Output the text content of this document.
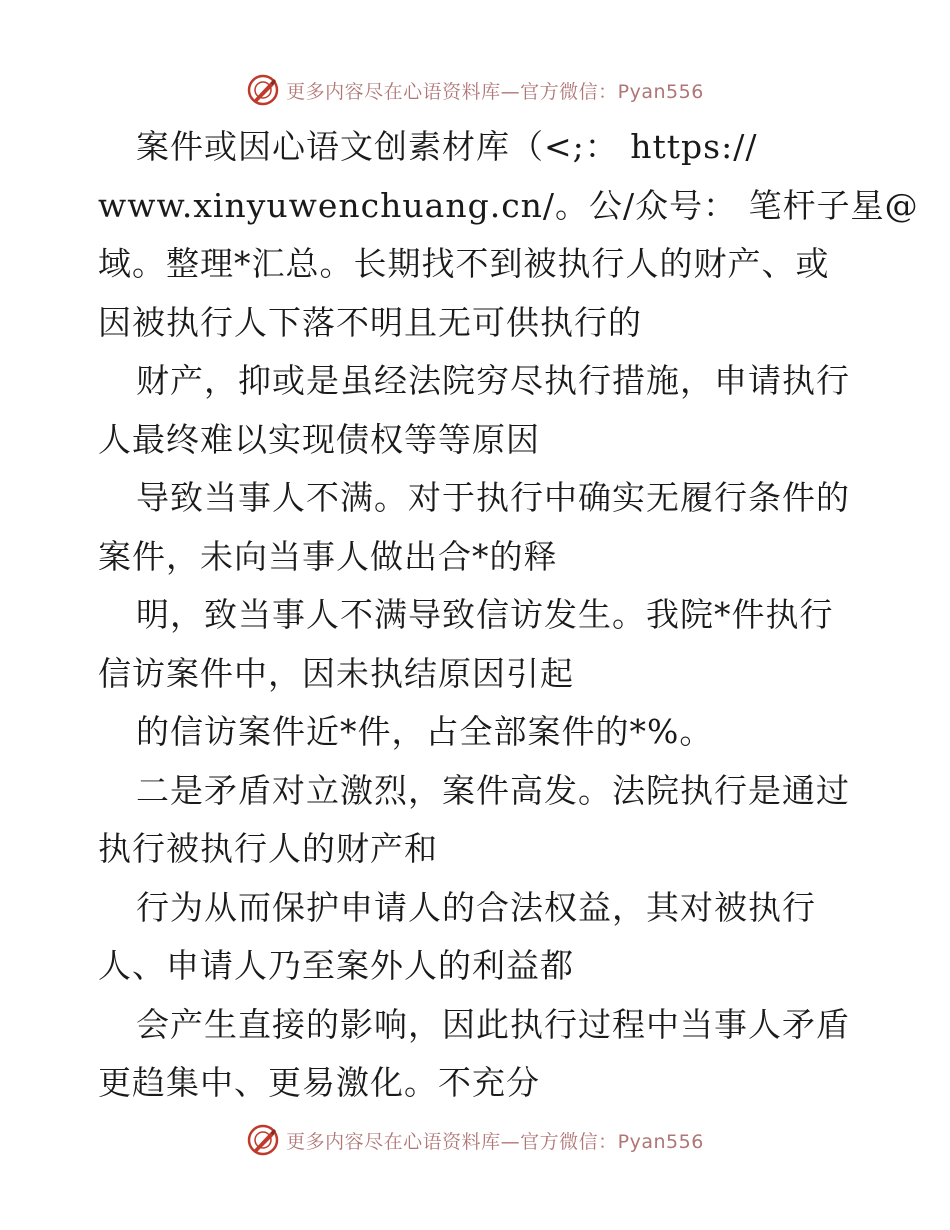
更多内容尽在心语资料库—官方微信：Pyan556
案件或因心语文创素材库（<;： https://
www.xinyuwenchuang.cn/。公/众号： 笔杆子星@
域。整理*汇总。长期找不到被执行人的财产、或
因被执行人下落不明且无可供执行的
财产，抑或是虽经法院穷尽执行措施，申请执行
人最终难以实现债权等等原因
导致当事人不满。对于执行中确实无履行条件的
案件，未向当事人做出合*的释
明，致当事人不满导致信访发生。我院*件执行
信访案件中，因未执结原因引起
的信访案件近*件，占全部案件的*%。
二是矛盾对立激烈，案件高发。法院执行是通过
执行被执行人的财产和
行为从而保护申请人的合法权益，其对被执行
人、申请人乃至案外人的利益都
会产生直接的影响，因此执行过程中当事人矛盾
更趋集中、更易激化。不充分
更多内容尽在心语资料库—官方微信：Pyan556
